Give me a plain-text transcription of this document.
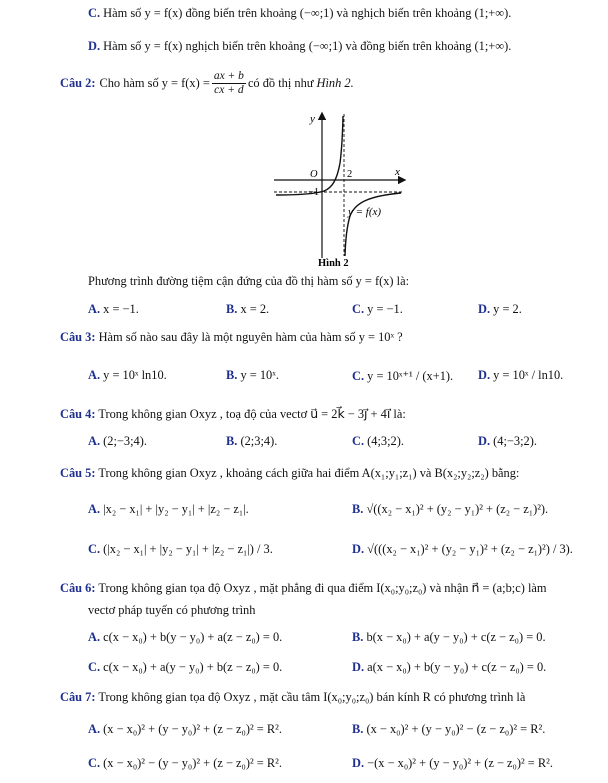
C. Hàm số y = f(x) đồng biến trên khoảng (−∞;1) và nghịch biến trên khoảng (1;+∞).
D. Hàm số y = f(x) nghịch biến trên khoảng (−∞;1) và đồng biến trên khoảng (1;+∞).
Câu 2: Cho hàm số $y = f(x) = \frac{ax + b}{cx + d}$ có đồ thị như Hình 2.
y
x
O	2
−1
y = f(x)
Hình 2
Phương trình đường tiệm cận đứng của đồ thị hàm số y = f(x) là:
A. x = −1.	B. x = 2.	C. y = −1.	D. y = 2.
Câu 3: Hàm số nào sau đây là một nguyên hàm của hàm số y = 10ˣ ?
A. y = 10ˣ ln10.	B. y = 10ˣ.	C. y = 10ˣ⁺¹ / (x+1). D. y = 10ˣ / ln10.
Câu 4: Trong không gian Oxyz , toạ độ của vectơ u⃗ = 2k⃗ − 3j⃗ + 4i⃗ là:
A. (2;−3;4).	B. (2;3;4).	C. (4;3;2).	D. (4;−3;2).
Câu 5: Trong không gian Oxyz , khoảng cách giữa hai điểm A(x₁;y₁;z₁) và B(x₂;y₂;z₂) bằng:
A. |x₂ − x₁| + |y₂ − y₁| + |z₂ − z₁|.	B. √((x₂ − x₁)² + (y₂ − y₁)² + (z₂ − z₁)²).
C. (|x₂ − x₁| + |y₂ − y₁| + |z₂ − z₁|) / 3.	D. √(((x₂ − x₁)² + (y₂ − y₁)² + (z₂ − z₁)²) / 3).
Câu 6: Trong không gian tọa độ Oxyz , mặt phẳng đi qua điểm I(x₀;y₀;z₀) và nhận n⃗ = (a;b;c) làm
vectơ pháp tuyến có phương trình
A. c(x − x₀) + b(y − y₀) + a(z − z₀) = 0.	B. b(x − x₀) + a(y − y₀) + c(z − z₀) = 0.
C. c(x − x₀) + a(y − y₀) + b(z − z₀) = 0.	D. a(x − x₀) + b(y − y₀) + c(z − z₀) = 0.
Câu 7: Trong không gian tọa độ Oxyz , mặt cầu tâm I(x₀;y₀;z₀) bán kính R có phương trình là
A. (x − x₀)² + (y − y₀)² + (z − z₀)² = R².	B. (x − x₀)² + (y − y₀)² − (z − z₀)² = R².
C. (x − x₀)² − (y − y₀)² + (z − z₀)² = R².	D. −(x − x₀)² + (y − y₀)² + (z − z₀)² = R².
